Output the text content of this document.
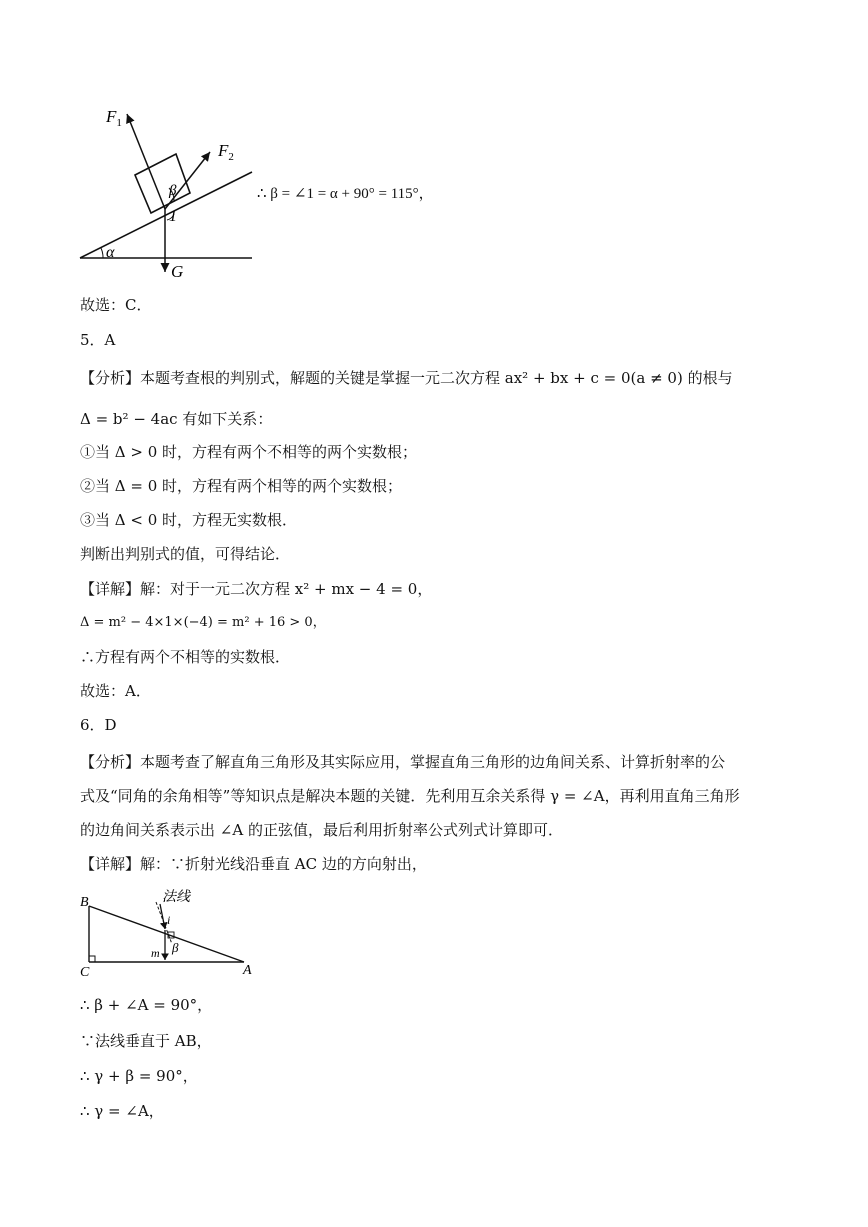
$F_1$
$F_2$
β
1
α
G
∴ β = ∠1 = α + 90° = 115°，
故选：C．
5．A
【分析】本题考查根的判别式，解题的关键是掌握一元二次方程 ax² + bx + c = 0(a ≠ 0) 的根与
Δ = b² − 4ac 有如下关系：
①当 Δ > 0 时，方程有两个不相等的两个实数根；
②当 Δ = 0 时，方程有两个相等的两个实数根；
③当 Δ < 0 时，方程无实数根．
判断出判别式的值，可得结论．
【详解】解：对于一元二次方程 x² + mx − 4 = 0，
Δ = m² − 4×1×(−4) = m² + 16 > 0，
∴方程有两个不相等的实数根．
故选：A．
6．D
【分析】本题考查了解直角三角形及其实际应用，掌握直角三角形的边角间关系、计算折射率的公
式及“同角的余角相等”等知识点是解决本题的关键．先利用互余关系得 γ = ∠A，再利用直角三角形
的边角间关系表示出 ∠A 的正弦值，最后利用折射率公式列式计算即可．
【详解】解：∵折射光线沿垂直 AC 边的方向射出，
B
C	A
法线
i
m β
∴ β + ∠A = 90°，
∵法线垂直于 AB，
∴ γ + β = 90°，
∴ γ = ∠A，
